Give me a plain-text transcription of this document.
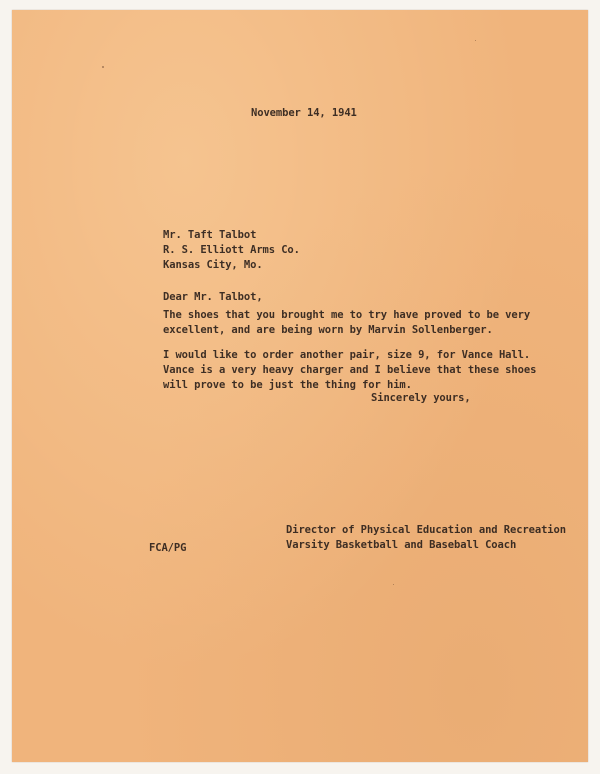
November 14, 1941
Mr. Taft Talbot
R. S. Elliott Arms Co.
Kansas City, Mo.
Dear Mr. Talbot,
The shoes that you brought me to try have proved to be very
excellent, and are being worn by Marvin Sollenberger.
I would like to order another pair, size 9, for Vance Hall.
Vance is a very heavy charger and I believe that these shoes
will prove to be just the thing for him.
Sincerely yours,
FCA/PG
Director of Physical Education and Recreation
Varsity Basketball and Baseball Coach
